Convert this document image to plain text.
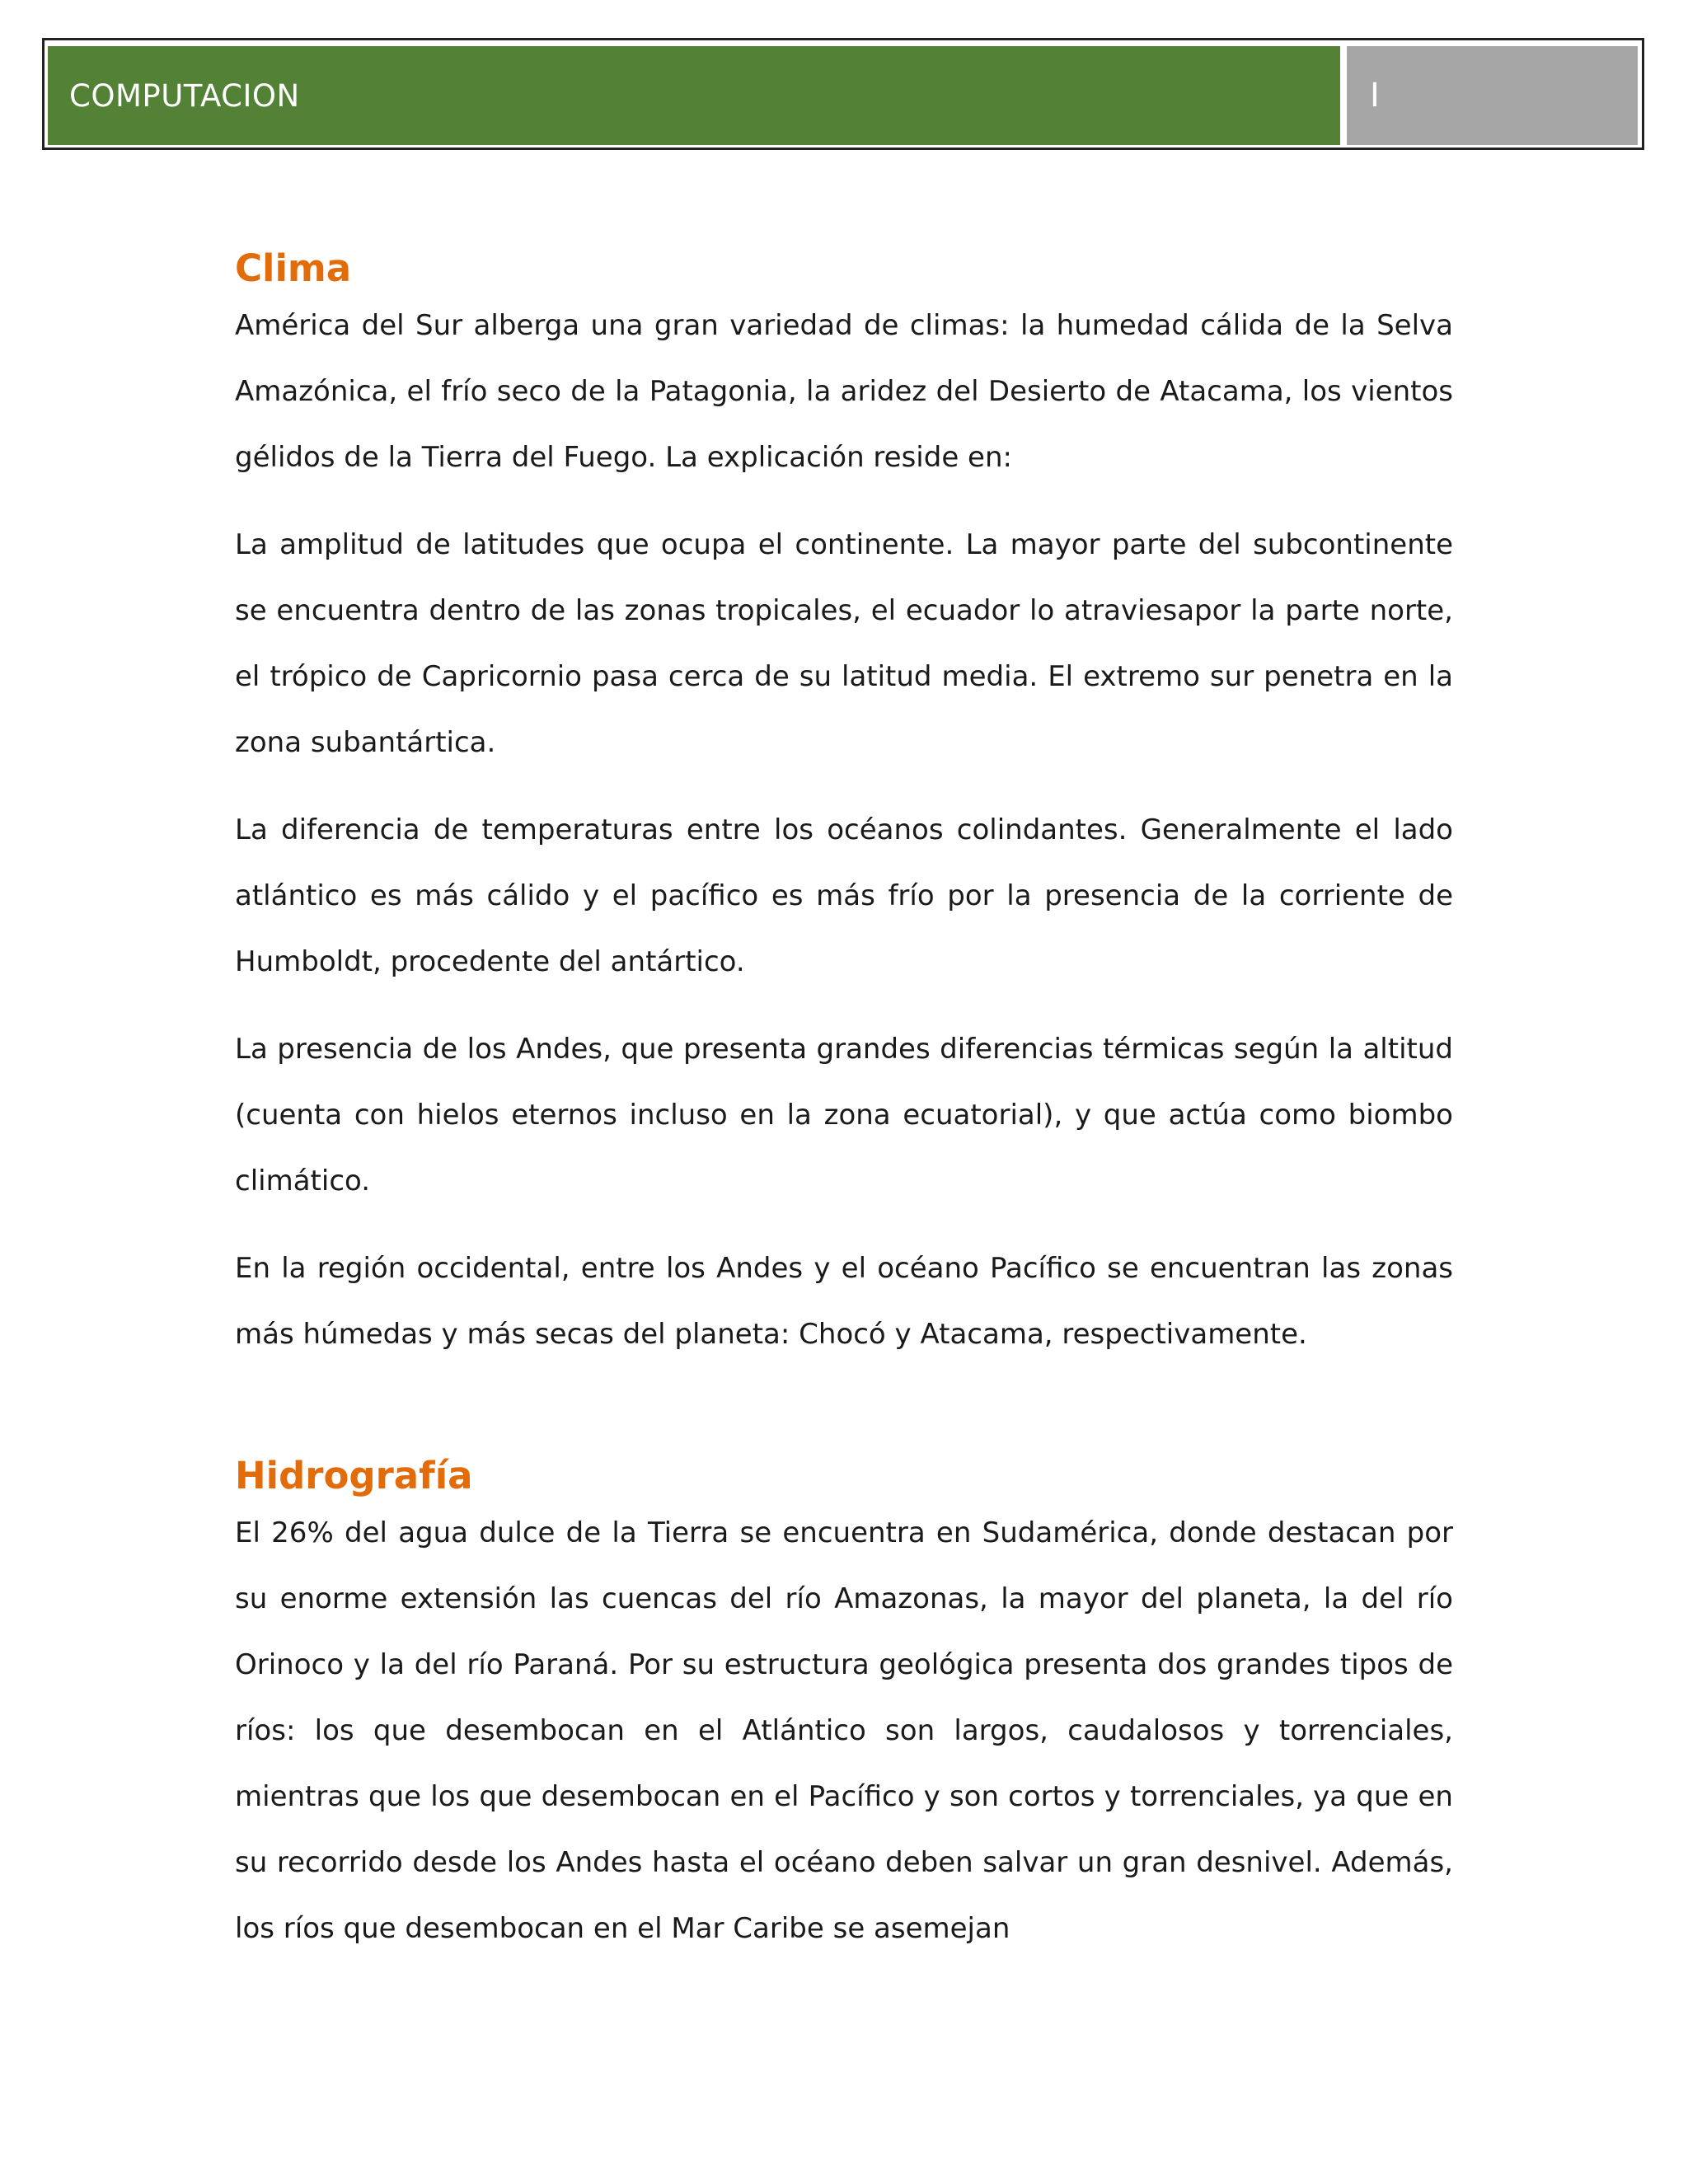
COMPUTACION	I
Clima

América del Sur alberga una gran variedad de climas: la humedad cálida de la Selva Amazónica, el frío seco de la Patagonia, la aridez del Desierto de Atacama, los vientos gélidos de la Tierra del Fuego. La explicación reside en:

La amplitud de latitudes que ocupa el continente. La mayor parte del subcontinente se encuentra dentro de las zonas tropicales, el ecuador lo atraviesapor la parte norte, el trópico de Capricornio pasa cerca de su latitud media. El extremo sur penetra en la zona subantártica.

La diferencia de temperaturas entre los océanos colindantes. Generalmente el lado atlántico es más cálido y el pacífico es más frío por la presencia de la corriente de Humboldt, procedente del antártico.

La presencia de los Andes, que presenta grandes diferencias térmicas según la altitud (cuenta con hielos eternos incluso en la zona ecuatorial), y que actúa como biombo climático.

En la región occidental, entre los Andes y el océano Pacífico se encuentran las zonas más húmedas y más secas del planeta: Chocó y Atacama, respectivamente.

Hidrografía

El 26% del agua dulce de la Tierra se encuentra en Sudamérica, donde destacan por su enorme extensión las cuencas del río Amazonas, la mayor del planeta, la del río Orinoco y la del río Paraná. Por su estructura geológica presenta dos grandes tipos de ríos: los que desembocan en el Atlántico son largos, caudalosos y torrenciales, mientras que los que desembocan en el Pacífico y son cortos y torrenciales, ya que en su recorrido desde los Andes hasta el océano deben salvar un gran desnivel. Además, los ríos que desembocan en el Mar Caribe se asemejan
